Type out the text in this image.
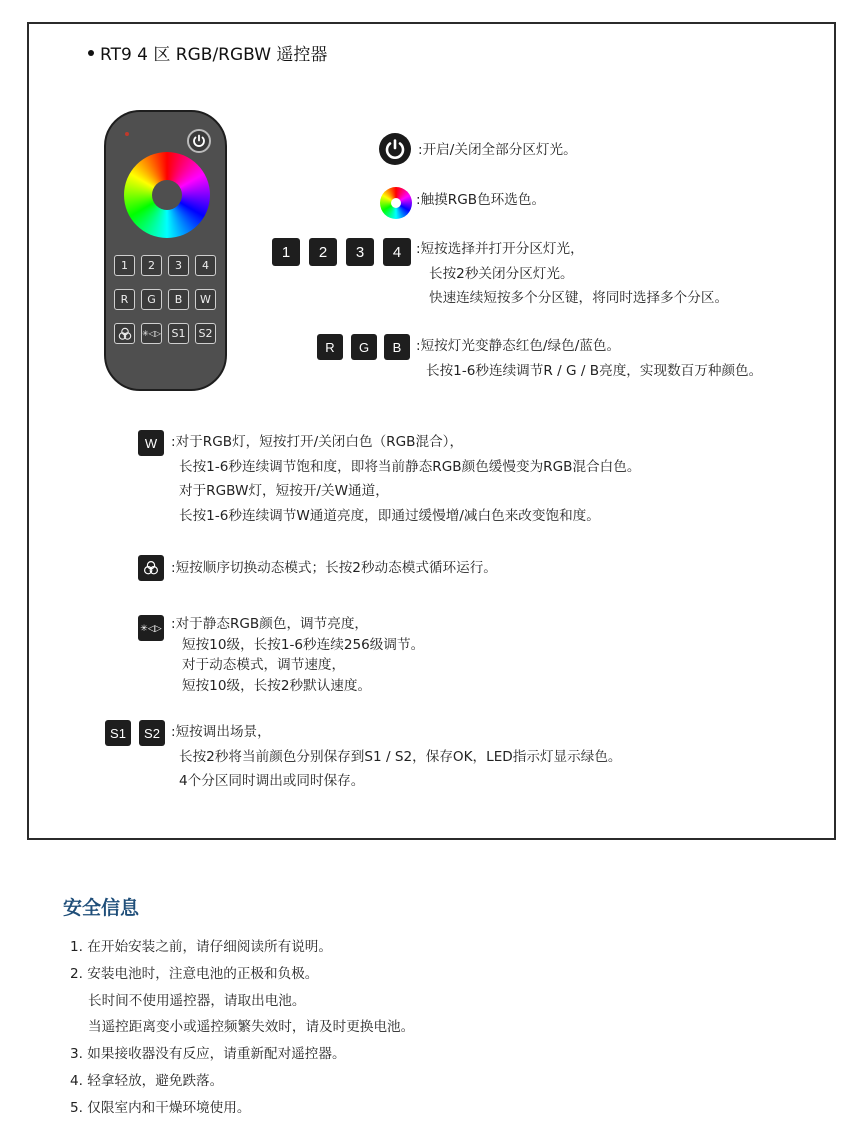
RT9 4 区 RGB/RGBW 遥控器
1	2	3	4
R	G	B	W
✳◁▷ S1	S2
:开启/关闭全部分区灯光。
:触摸RGB色环选色。
1	2	3	4	:短按选择并打开分区灯光，
长按2秒关闭分区灯光。
快速连续短按多个分区键，将同时选择多个分区。
R	G	B	:短按灯光变静态红色/绿色/蓝色。
长按1-6秒连续调节R / G / B亮度，实现数百万种颜色。
W	:对于RGB灯，短按打开/关闭白色（RGB混合），
长按1-6秒连续调节饱和度，即将当前静态RGB颜色缓慢变为RGB混合白色。
对于RGBW灯，短按开/关W通道，
长按1-6秒连续调节W通道亮度，即通过缓慢增/减白色来改变饱和度。
:短按顺序切换动态模式；长按2秒动态模式循环运行。
✳◁▷ :对于静态RGB颜色，调节亮度，
短按10级，长按1-6秒连续256级调节。
对于动态模式，调节速度，
短按10级，长按2秒默认速度。
S1	S2 :短按调出场景，
长按2秒将当前颜色分别保存到S1 / S2，保存OK，LED指示灯显示绿色。
4个分区同时调出或同时保存。
安全信息
1. 在开始安装之前，请仔细阅读所有说明。
2. 安装电池时，注意电池的正极和负极。
长时间不使用遥控器，请取出电池。
当遥控距离变小或遥控频繁失效时，请及时更换电池。
3. 如果接收器没有反应，请重新配对遥控器。
4. 轻拿轻放，避免跌落。
5. 仅限室内和干燥环境使用。
